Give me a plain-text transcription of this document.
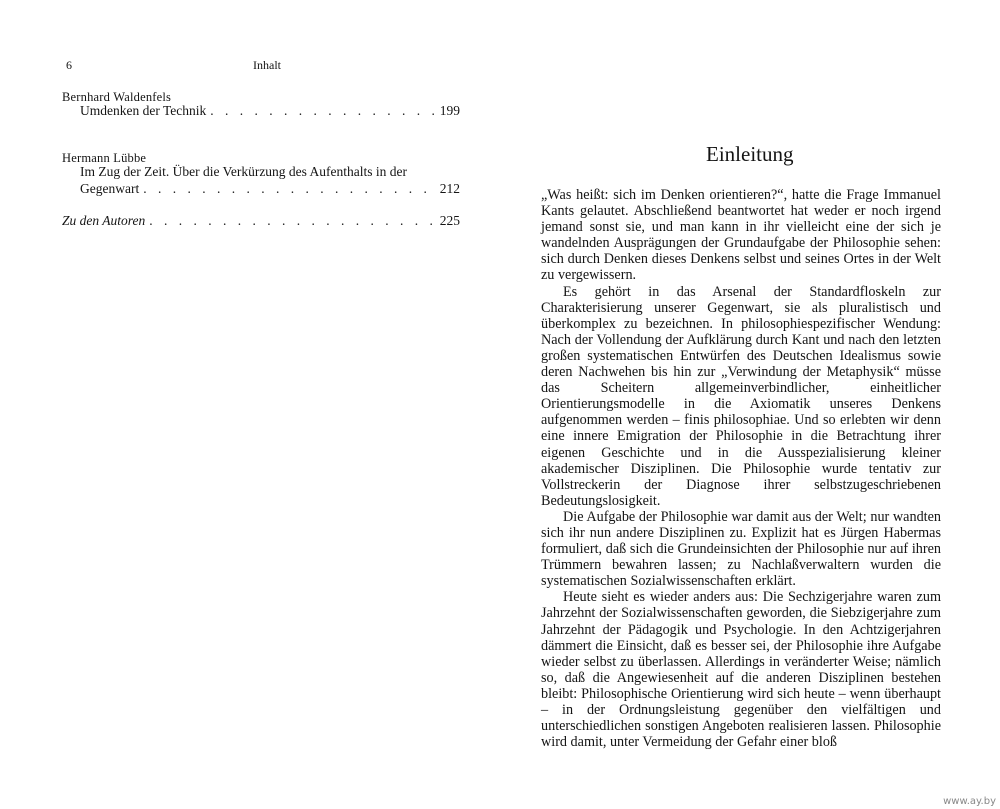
6	Inhalt
Bernhard Waldenfels
Umdenken der Technik . . .	199
Hermann Lübbe
Im Zug der Zeit. Über die Verkürzung des Aufenthalts in der
Gegenwart . . .	212
Zu den Autoren . . .	225
Einleitung

„Was heißt: sich im Denken orientieren?“, hatte die Frage Immanuel Kants gelautet. Abschließend beantwortet hat weder er noch irgend jemand sonst sie, und man kann in ihr vielleicht eine der sich je wandelnden Ausprägungen der Grundaufgabe der Philosophie sehen: sich durch Denken dieses Denkens selbst und seines Ortes in der Welt zu vergewissern.

Es gehört in das Arsenal der Standardfloskeln zur Charakterisierung unserer Gegenwart, sie als pluralistisch und überkomplex zu bezeichnen. In philosophiespezifischer Wendung: Nach der Vollendung der Aufklärung durch Kant und nach den letzten großen systematischen Entwürfen des Deutschen Idealismus sowie deren Nachwehen bis hin zur „Verwindung der Metaphysik“ müsse das Scheitern allgemeinverbindlicher, einheitlicher Orientierungsmodelle in die Axiomatik unseres Denkens aufgenommen werden – finis philosophiae. Und so erlebten wir denn eine innere Emigration der Philosophie in die Betrachtung ihrer eigenen Geschichte und in die Ausspezialisierung kleiner akademischer Disziplinen. Die Philosophie wurde tentativ zur Vollstreckerin der Diagnose ihrer selbstzugeschriebenen Bedeutungslosigkeit.

Die Aufgabe der Philosophie war damit aus der Welt; nur wandten sich ihr nun andere Disziplinen zu. Explizit hat es Jürgen Habermas formuliert, daß sich die Grundeinsichten der Philosophie nur auf ihren Trümmern bewahren lassen; zu Nachlaßverwaltern wurden die systematischen Sozialwissenschaften erklärt.

Heute sieht es wieder anders aus: Die Sechzigerjahre waren zum Jahrzehnt der Sozialwissenschaften geworden, die Siebzigerjahre zum Jahrzehnt der Pädagogik und Psychologie. In den Achtzigerjahren dämmert die Einsicht, daß es besser sei, der Philosophie ihre Aufgabe wieder selbst zu überlassen. Allerdings in veränderter Weise; nämlich so, daß die Angewiesenheit auf die anderen Disziplinen bestehen bleibt: Philosophische Orientierung wird sich heute – wenn überhaupt – in der Ordnungsleistung gegenüber den vielfältigen und unterschiedlichen sonstigen Angeboten realisieren lassen. Philosophie wird damit, unter Vermeidung der Gefahr einer bloß

www.ay.by
